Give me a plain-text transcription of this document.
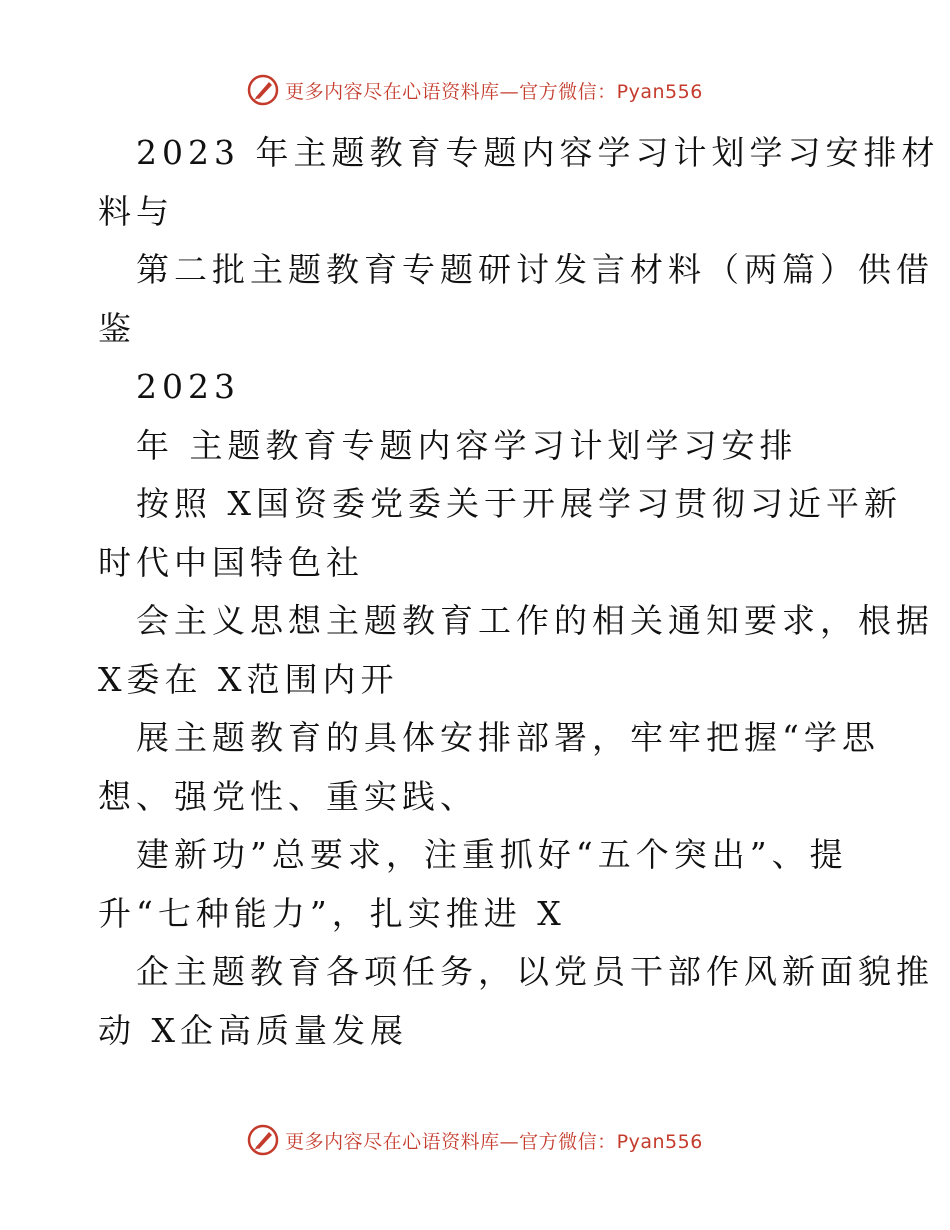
更多内容尽在心语资料库—官方微信：Pyan556
2023 年主题教育专题内容学习计划学习安排材
料与
第二批主题教育专题研讨发言材料（两篇）供借
鉴
2023
年 主题教育专题内容学习计划学习安排
按照 X国资委党委关于开展学习贯彻习近平新
时代中国特色社
会主义思想主题教育工作的相关通知要求，根据
X委在 X范围内开
展主题教育的具体安排部署，牢牢把握“学思
想、强党性、重实践、
建新功”总要求，注重抓好“五个突出”、提
升“七种能力”，扎实推进 X
企主题教育各项任务，以党员干部作风新面貌推
动 X企高质量发展
更多内容尽在心语资料库—官方微信：Pyan556
